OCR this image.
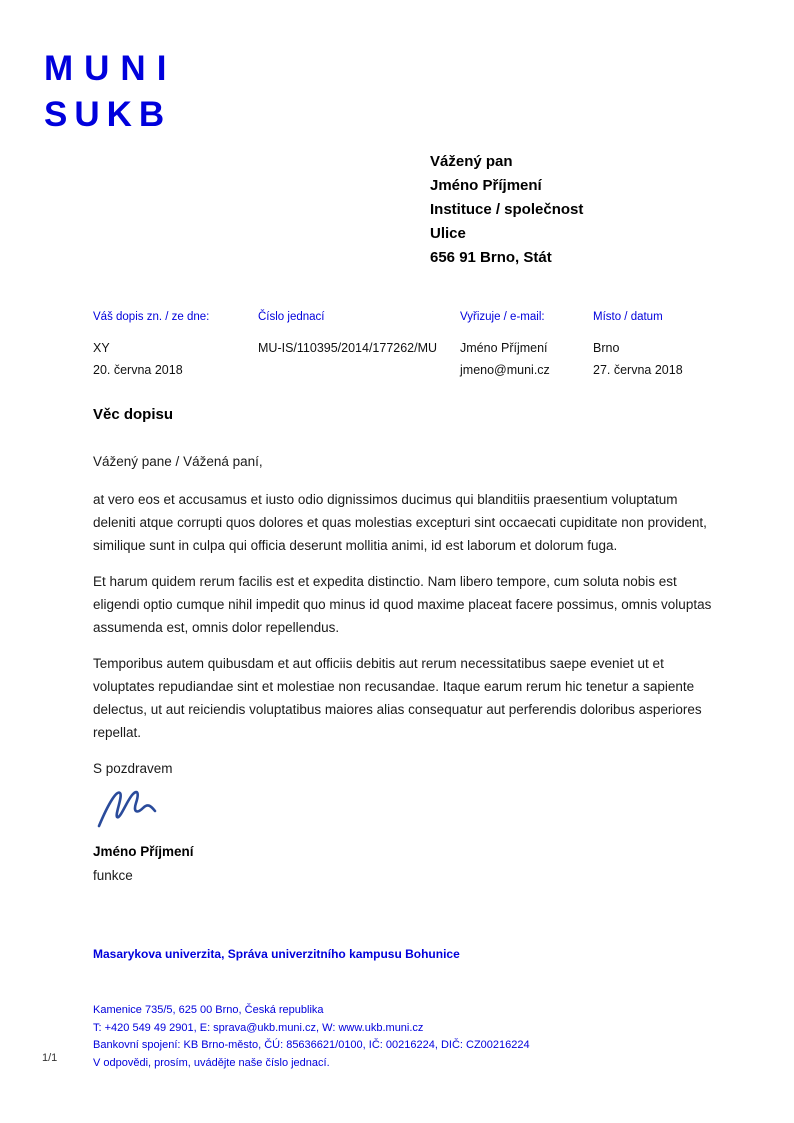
MUNI
SUKB
Vážený pan
Jméno Příjmení
Instituce / společnost
Ulice
656 91 Brno, Stát
Váš dopis zn. / ze dne:
XY
20. června 2018
Číslo jednací
MU-IS/110395/2014/177262/MU
Vyřizuje / e-mail:
Jméno Příjmení
jmeno@muni.cz
Místo / datum
Brno
27. června 2018
Věc dopisu
Vážený pane / Vážená paní,

at vero eos et accusamus et iusto odio dignissimos ducimus qui blanditiis praesentium voluptatum deleniti atque corrupti quos dolores et quas molestias excepturi sint occaecati cupiditate non provident, similique sunt in culpa qui officia deserunt mollitia animi, id est laborum et dolorum fuga.

Et harum quidem rerum facilis est et expedita distinctio. Nam libero tempore, cum soluta nobis est eligendi optio cumque nihil impedit quo minus id quod maxime placeat facere possimus, omnis voluptas assumenda est, omnis dolor repellendus.

Temporibus autem quibusdam et aut officiis debitis aut rerum necessitatibus saepe eveniet ut et voluptates repudiandae sint et molestiae non recusandae. Itaque earum rerum hic tenetur a sapiente delectus, ut aut reiciendis voluptatibus maiores alias consequatur aut perferendis doloribus asperiores repellat.

S pozdravem
Jméno Příjmení
funkce
Masarykova univerzita, Správa univerzitního kampusu Bohunice
Kamenice 735/5, 625 00 Brno, Česká republika
T: +420 549 49 2901, E: sprava@ukb.muni.cz, W: www.ukb.muni.cz
Bankovní spojení: KB Brno-město, ČÚ: 85636621/0100, IČ: 00216224, DIČ: CZ00216224
V odpovědi, prosím, uvádějte naše číslo jednací.
1/1
